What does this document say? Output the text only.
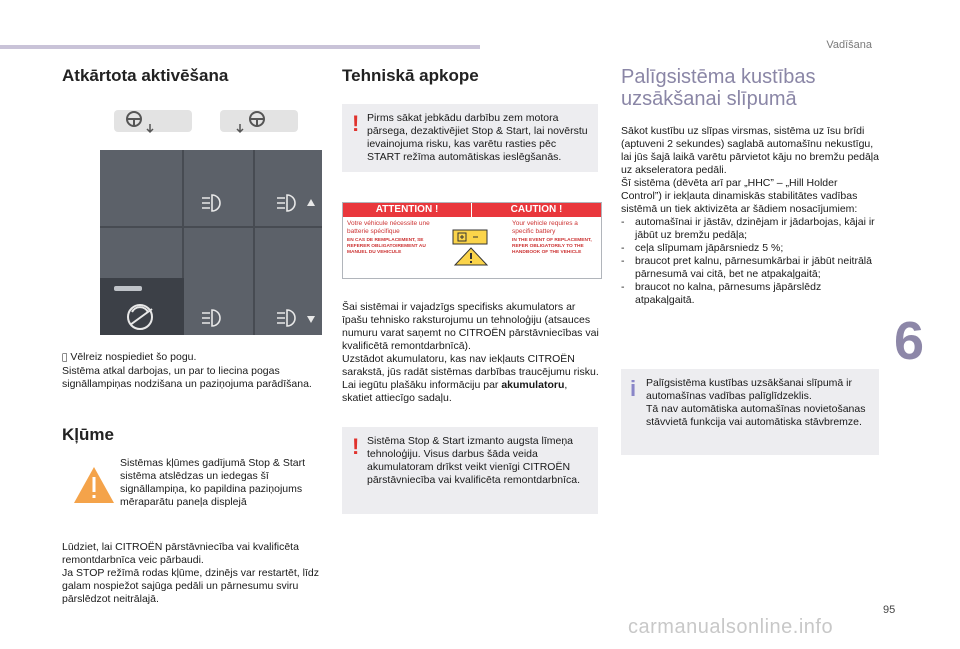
Vadīšana
Atkārtota aktivēšana

Vēlreiz nospiediet šo pogu.

Sistēma atkal darbojas, un par to liecina pogas signāllampiņas nodzišana un paziņojuma parādīšana.

Kļūme

Sistēmas kļūmes gadījumā Stop & Start sistēma atslēdzas un iedegas šī signāllampiņa, ko papildina paziņojums mēraparātu paneļa displejā

Lūdziet, lai CITROËN pārstāvniecība vai kvalificēta remontdarbnīca veic pārbaudi.

Ja STOP režīmā rodas kļūme, dzinējs var restartēt, līdz galam nospiežot sajūga pedāli un pārnesumu sviru pārslēdzot neitrālajā.

Tehniskā apkope
! Pirms sākat jebkādu darbību zem motora pārsega, dezaktivējiet Stop & Start, lai novērstu ievainojuma risku, kas varētu rasties pēc START režīma automātiskas ieslēgšanās.
ATTENTION !
Votre véhicule nécessite une batterie spécifique
EN CAS DE REMPLACEMENT, SE REFERER OBLIGATOIREMENT AU MANUEL DU VEHICULE
CAUTION !
Your vehicle requires a specific battery
IN THE EVENT OF REPLACEMENT, REFER OBLIGATORILY TO THE HANDBOOK OF THE VEHICLE

Šai sistēmai ir vajadzīgs specifisks akumulators ar īpašu tehnisko raksturojumu un tehnoloģiju (atsauces numuru varat saņemt no CITROËN pārstāvniecības vai kvalificētā remontdarbnīcā).

Uzstādot akumulatoru, kas nav iekļauts CITROËN sarakstā, jūs radāt sistēmas darbības traucējumu risku.

Lai iegūtu plašāku informāciju par akumulatoru, skatiet attiecīgo sadaļu.

! Sistēma Stop & Start izmanto augsta līmeņa tehnoloģiju. Visus darbus šāda veida akumulatoram drīkst veikt vienīgi CITROËN pārstāvniecība vai kvalificēta remontdarbnīca.
Palīgsistēma kustības
uzsākšanai slīpumā

Sākot kustību uz slīpas virsmas, sistēma uz īsu brīdi (aptuveni 2 sekundes) saglabā automašīnu nekustīgu, lai jūs šajā laikā varētu pārvietot kāju no bremžu pedāļa uz akseleratora pedāli.

Šī sistēma (dēvēta arī par „HHC” – „Hill Holder Control”) ir iekļauta dinamiskās stabilitātes vadības sistēmā un tiek aktivizēta ar šādiem nosacījumiem:

- automašīnai ir jāstāv, dzinējam ir jādarbojas, kājai ir jābūt uz bremžu pedāļa;
- ceļa slīpumam jāpārsniedz 5 %;
- braucot pret kalnu, pārnesumkārbai ir jābūt neitrālā pārnesumā vai citā, bet ne atpakaļgaitā;
- braucot no kalna, pārnesums jāpārslēdz atpakaļgaitā.
i Palīgsistēma kustības uzsākšanai slīpumā ir automašīnas vadības palīglīdzeklis.
Tā nav automātiska automašīnas novietošanas stāvvietā funkcija vai automātiska stāvbremze.
6
95
carmanualsonline.info
